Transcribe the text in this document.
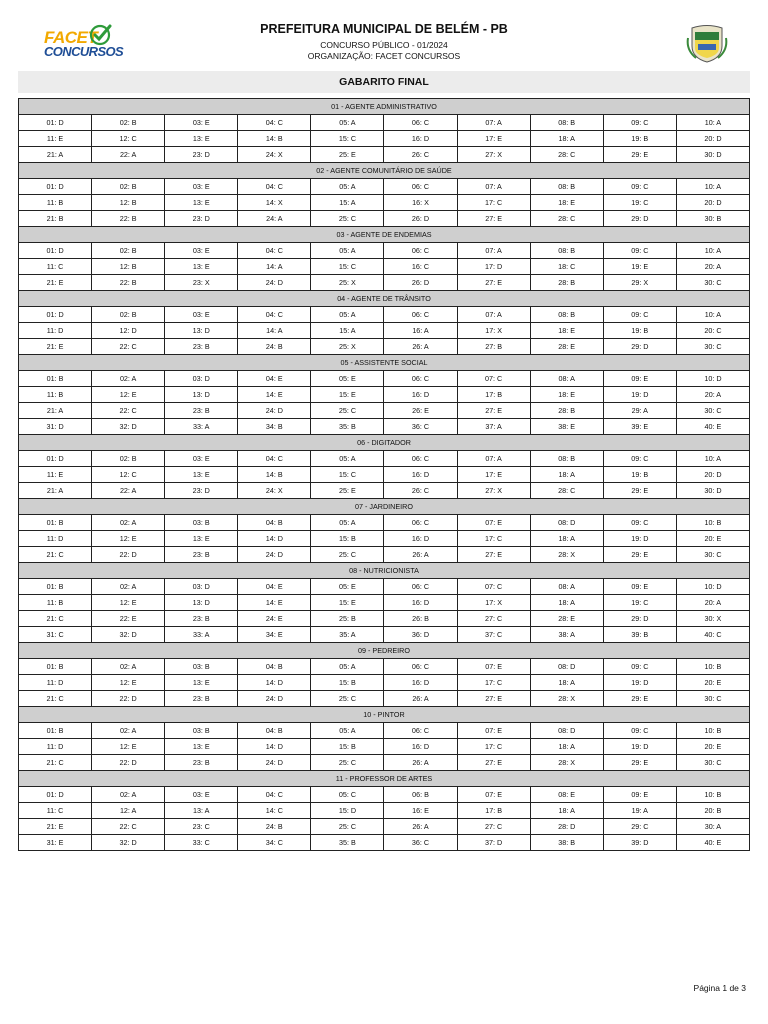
FACET
CONCURSOS
PREFEITURA MUNICIPAL DE BELÉM - PB
CONCURSO PÚBLICO - 01/2024
ORGANIZAÇÃO: FACET CONCURSOS
GABARITO FINAL
01 - AGENTE ADMINISTRATIVO									
01: D	02: B	03: E	04: C	05: A	06: C	07: A	08: B	09: C	10: A
11: E	12: C	13: E	14: B	15: C	16: D	17: E	18: A	19: B	20: D
21: A	22: A	23: D	24: X	25: E	26: C	27: X	28: C	29: E	30: D
02 - AGENTE COMUNITÁRIO DE SAÚDE									
01: D	02: B	03: E	04: C	05: A	06: C	07: A	08: B	09: C	10: A
11: B	12: B	13: E	14: X	15: A	16: X	17: C	18: E	19: C	20: D
21: B	22: B	23: D	24: A	25: C	26: D	27: E	28: C	29: D	30: B
03 - AGENTE DE ENDEMIAS									
01: D	02: B	03: E	04: C	05: A	06: C	07: A	08: B	09: C	10: A
11: C	12: B	13: E	14: A	15: C	16: C	17: D	18: C	19: E	20: A
21: E	22: B	23: X	24: D	25: X	26: D	27: E	28: B	29: X	30: C
04 - AGENTE DE TRÂNSITO									
01: D	02: B	03: E	04: C	05: A	06: C	07: A	08: B	09: C	10: A
11: D	12: D	13: D	14: A	15: A	16: A	17: X	18: E	19: B	20: C
21: E	22: C	23: B	24: B	25: X	26: A	27: B	28: E	29: D	30: C
05 - ASSISTENTE SOCIAL									
01: B	02: A	03: D	04: E	05: E	06: C	07: C	08: A	09: E	10: D
11: B	12: E	13: D	14: E	15: E	16: D	17: B	18: E	19: D	20: A
21: A	22: C	23: B	24: D	25: C	26: E	27: E	28: B	29: A	30: C
31: D	32: D	33: A	34: B	35: B	36: C	37: A	38: E	39: E	40: E
06 - DIGITADOR									
01: D	02: B	03: E	04: C	05: A	06: C	07: A	08: B	09: C	10: A
11: E	12: C	13: E	14: B	15: C	16: D	17: E	18: A	19: B	20: D
21: A	22: A	23: D	24: X	25: E	26: C	27: X	28: C	29: E	30: D
07 - JARDINEIRO									
01: B	02: A	03: B	04: B	05: A	06: C	07: E	08: D	09: C	10: B
11: D	12: E	13: E	14: D	15: B	16: D	17: C	18: A	19: D	20: E
21: C	22: D	23: B	24: D	25: C	26: A	27: E	28: X	29: E	30: C
08 - NUTRICIONISTA									
01: B	02: A	03: D	04: E	05: E	06: C	07: C	08: A	09: E	10: D
11: B	12: E	13: D	14: E	15: E	16: D	17: X	18: A	19: C	20: A
21: C	22: E	23: B	24: E	25: B	26: B	27: C	28: E	29: D	30: X
31: C	32: D	33: A	34: E	35: A	36: D	37: C	38: A	39: B	40: C
09 - PEDREIRO									
01: B	02: A	03: B	04: B	05: A	06: C	07: E	08: D	09: C	10: B
11: D	12: E	13: E	14: D	15: B	16: D	17: C	18: A	19: D	20: E
21: C	22: D	23: B	24: D	25: C	26: A	27: E	28: X	29: E	30: C
10 - PINTOR									
01: B	02: A	03: B	04: B	05: A	06: C	07: E	08: D	09: C	10: B
11: D	12: E	13: E	14: D	15: B	16: D	17: C	18: A	19: D	20: E
21: C	22: D	23: B	24: D	25: C	26: A	27: E	28: X	29: E	30: C
11 - PROFESSOR DE ARTES									
01: D	02: A	03: E	04: C	05: C	06: B	07: E	08: E	09: E	10: B
11: C	12: A	13: A	14: C	15: D	16: E	17: B	18: A	19: A	20: B
21: E	22: C	23: C	24: B	25: C	26: A	27: C	28: D	29: C	30: A
31: E	32: D	33: C	34: C	35: B	36: C	37: D	38: B	39: D	40: E
Página 1 de 3
